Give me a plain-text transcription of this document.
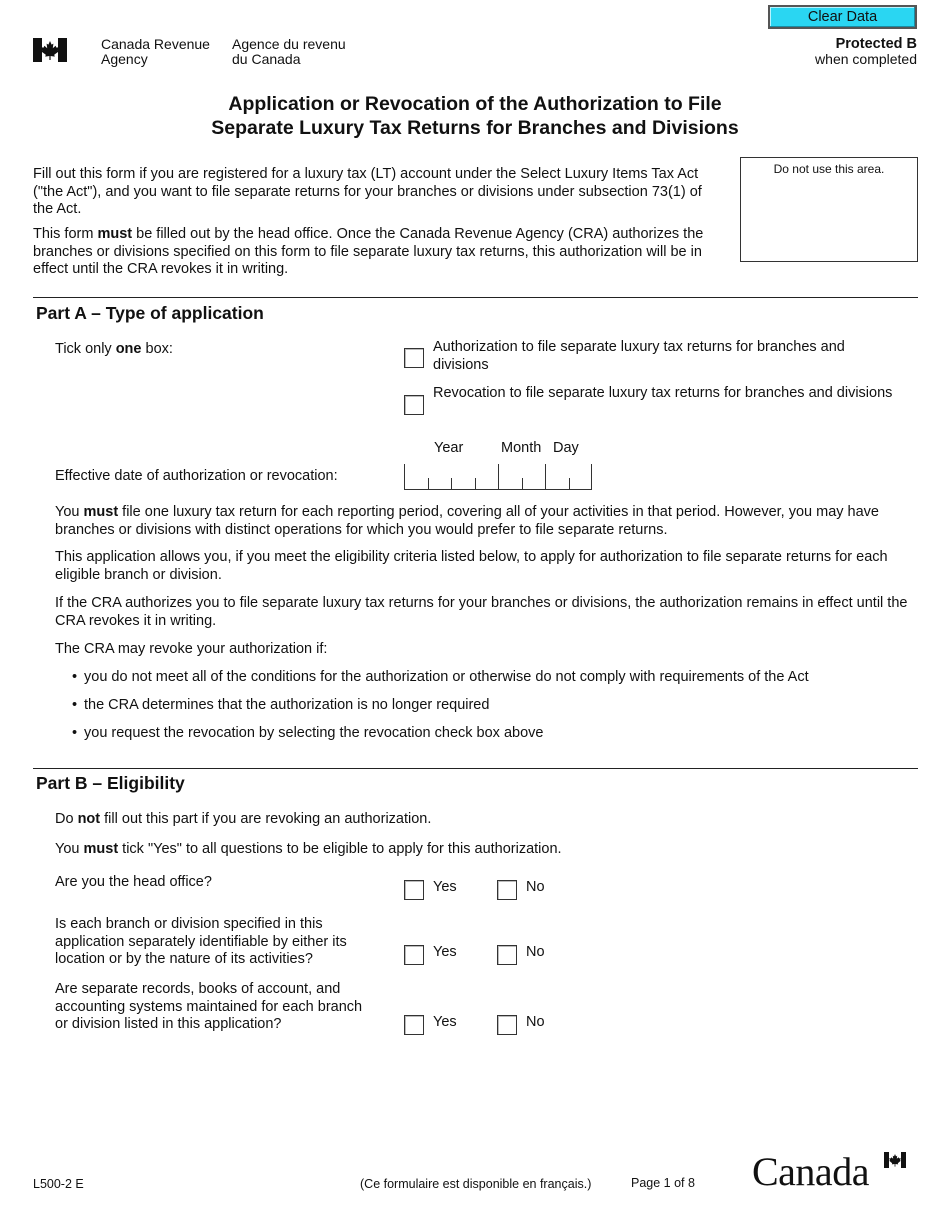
Canada Revenue
Agency
Agence du revenu
du Canada
Clear Data
Protected B
when completed
Application or Revocation of the Authorization to File
Separate Luxury Tax Returns for Branches and Divisions
Fill out this form if you are registered for a luxury tax (LT) account under the Select Luxury Items Tax Act ("the Act"), and you want to file separate returns for your branches or divisions under subsection 73(1) of the Act.
This form must be filled out by the head office. Once the Canada Revenue Agency (CRA) authorizes the branches or divisions specified on this form to file separate luxury tax returns, this authorization will be in effect until the CRA revokes it in writing.
Do not use this area.
Part A – Type of application
Tick only one box:	Authorization to file separate luxury tax returns for branches and divisions
Revocation to file separate luxury tax returns for branches and divisions
Year	Month Day
Effective date of authorization or revocation:
You must file one luxury tax return for each reporting period, covering all of your activities in that period. However, you may have branches or divisions with distinct operations for which you would prefer to file separate returns.
This application allows you, if you meet the eligibility criteria listed below, to apply for authorization to file separate returns for each eligible branch or division.
If the CRA authorizes you to file separate luxury tax returns for your branches or divisions, the authorization remains in effect until the CRA revokes it in writing.
The CRA may revoke your authorization if:
• you do not meet all of the conditions for the authorization or otherwise do not comply with requirements of the Act
• the CRA determines that the authorization is no longer required
• you request the revocation by selecting the revocation check box above
Part B – Eligibility
Do not fill out this part if you are revoking an authorization.
You must tick "Yes" to all questions to be eligible to apply for this authorization.
Are you the head office?	Yes	No
Is each branch or division specified in this application separately identifiable by either its location or by the nature of its activities?	Yes	No
Are separate records, books of account, and accounting systems maintained for each branch or division listed in this application?	Yes	No
L500-2 E	(Ce formulaire est disponible en français.)	Page 1 of 8 Canada
